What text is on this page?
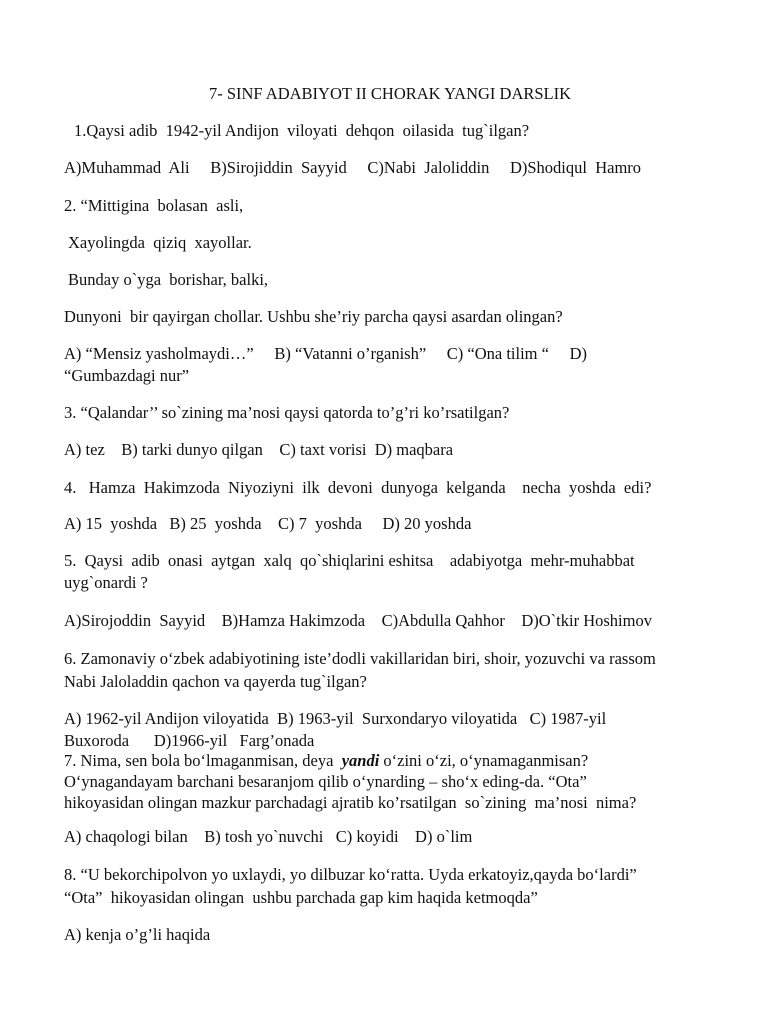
7- SINF ADABIYOT II CHORAK YANGI DARSLIK
1.Qaysi adib  1942-yil Andijon  viloyati  dehqon  oilasida  tug`ilgan?
A)Muhammad  Ali     B)Sirojiddin  Sayyid     C)Nabi  Jaloliddin     D)Shodiqul  Hamro
2. “Mittigina  bolasan  asli,
Xayolingda  qiziq  xayollar.
Bunday o`yga  borishar, balki,
Dunyoni  bir qayirgan chollar. Ushbu she’riy parcha qaysi asardan olingan?
A) “Mensiz yasholmaydi…”     B) “Vatanni o’rganish”     C) “Ona tilim “     D)
“Gumbazdagi nur”
3. “Qalandar’’ so`zining ma’nosi qaysi qatorda to’g’ri ko’rsatilgan?
A) tez    B) tarki dunyo qilgan    C) taxt vorisi  D) maqbara
4.   Hamza  Hakimzoda  Niyoziyni  ilk  devoni  dunyoga  kelganda    necha  yoshda  edi?
A) 15  yoshda   B) 25  yoshda    C) 7  yoshda     D) 20 yoshda
5.  Qaysi  adib  onasi  aytgan  xalq  qo`shiqlarini eshitsa    adabiyotga  mehr-muhabbat
uyg`onardi ?
A)Sirojoddin  Sayyid    B)Hamza Hakimzoda    C)Abdulla Qahhor    D)O`tkir Hoshimov
6. Zamonaviy o‘zbek adabiyotining iste’dodli vakillaridan biri, shoir, yozuvchi va rassom
Nabi Jaloladdin qachon va qayerda tug`ilgan?
A) 1962-yil Andijon viloyatida  B) 1963-yil  Surxondaryo viloyatida   C) 1987-yil
Buxoroda      D)1966-yil   Farg’onada
7. Nima, sen bola bo‘lmaganmisan, deya  yandi o‘zini o‘zi, o‘ynamaganmisan?
O‘ynagandayam barchani besaranjom qilib o‘ynarding – sho‘x eding-da. “Ota”
hikoyasidan olingan mazkur parchadagi ajratib ko’rsatilgan  so`zining  ma’nosi  nima?
A) chaqologi bilan    B) tosh yo`nuvchi   C) koyidi    D) o`lim
8. “U bekorchipolvon yo uxlaydi, yo dilbuzar ko‘ratta. Uyda erkatoyiz,qayda bo‘lardi”
“Ota”  hikoyasidan olingan  ushbu parchada gap kim haqida ketmoqda”
A) kenja o’g’li haqida
